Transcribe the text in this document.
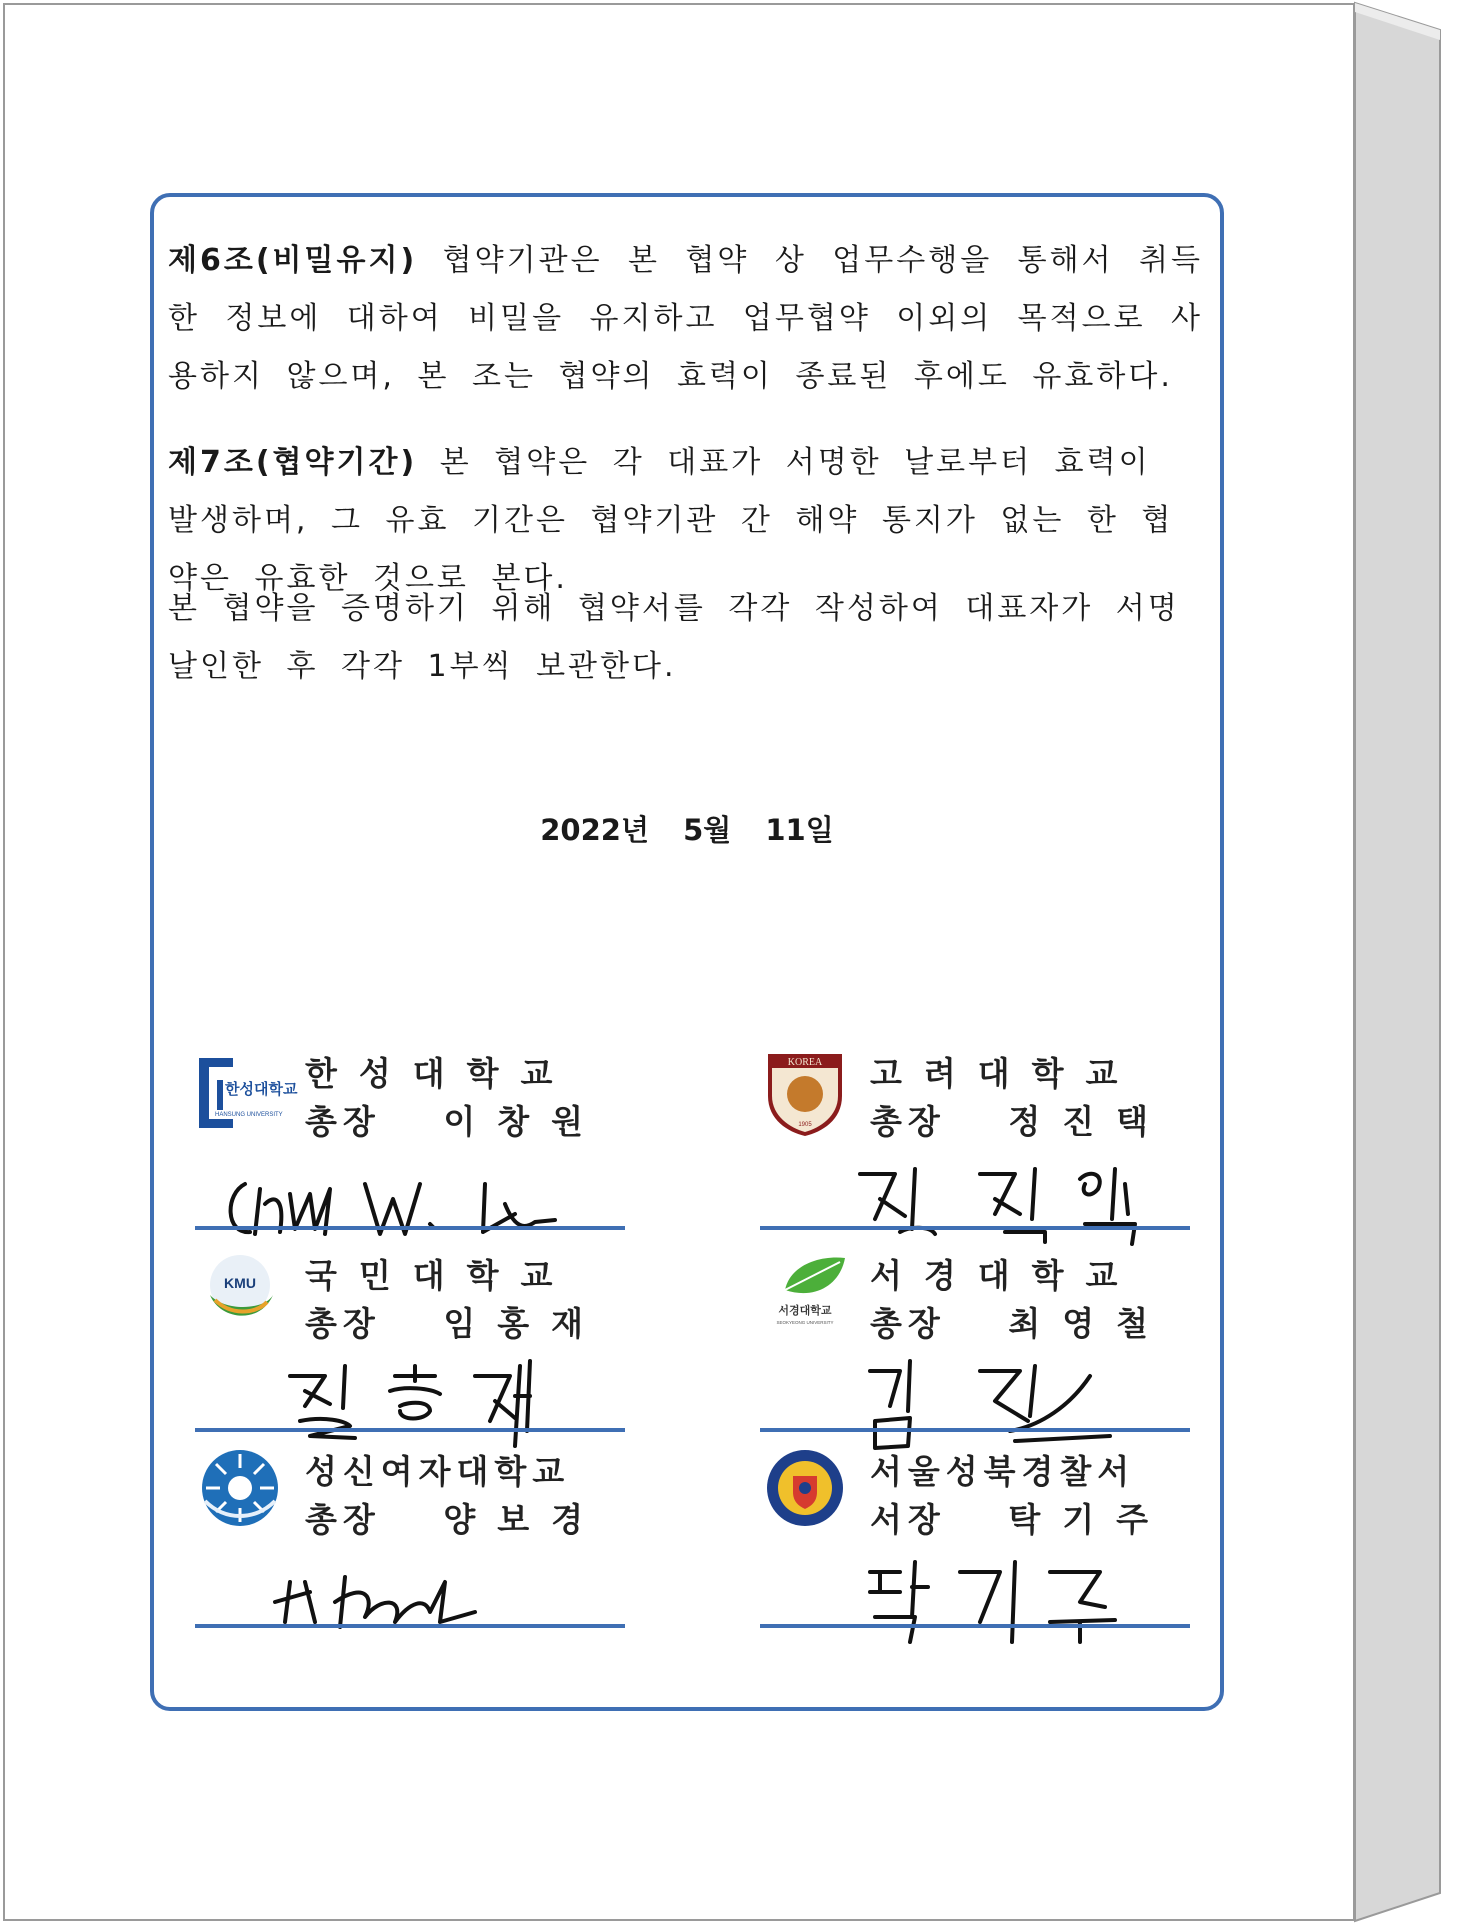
제6조(비밀유지) 협약기관은 본 협약 상 업무수행을 통해서 취득한 정보에 대하여 비밀을 유지하고 업무협약 이외의 목적으로 사용하지 않으며, 본 조는 협약의 효력이 종료된 후에도 유효하다.
제7조(협약기간) 본 협약은 각 대표가 서명한 날로부터 효력이 발생하며, 그 유효 기간은 협약기관 간 해약 통지가 없는 한 협약은 유효한 것으로 본다.
본 협약을 증명하기 위해 협약서를 각각 작성하여 대표자가 서명 날인한 후 각각 1부씩 보관한다.
2022년 5월 11일
한성대학교
HANSUNG UNIVERSITY
한성대학교
총장 이창원
KOREA
1905
고려대학교
총장 정진택
KMU 국민대학교
총장 임홍재	서경대학교
SEOKYEONG UNIVERSITY
서경대학교
총장 최영철
성신여자대학교
총장 양보경
서울성북경찰서
서장 탁기주
